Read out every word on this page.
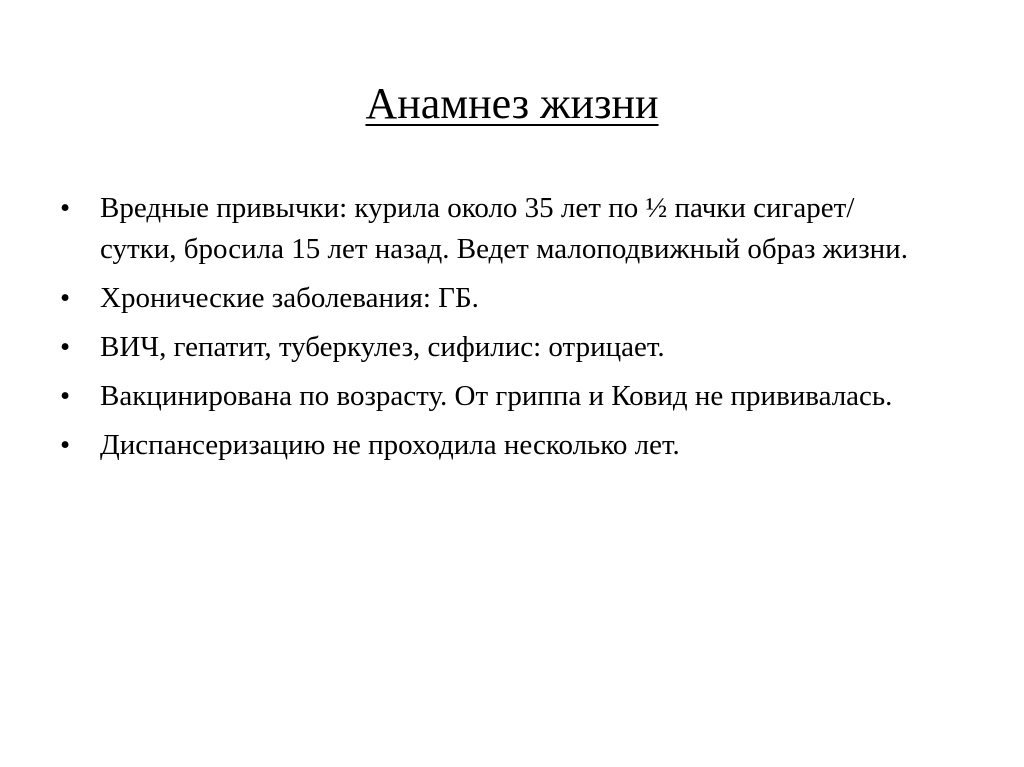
Анамнез жизни
• Вредные привычки: курила около 35 лет по ½ пачки сигарет/сутки, бросила 15 лет назад. Ведет малоподвижный образ жизни.
• Хронические заболевания: ГБ.
• ВИЧ, гепатит, туберкулез, сифилис: отрицает.
• Вакцинирована по возрасту. От гриппа и Ковид не прививалась.
• Диспансеризацию не проходила несколько лет.
